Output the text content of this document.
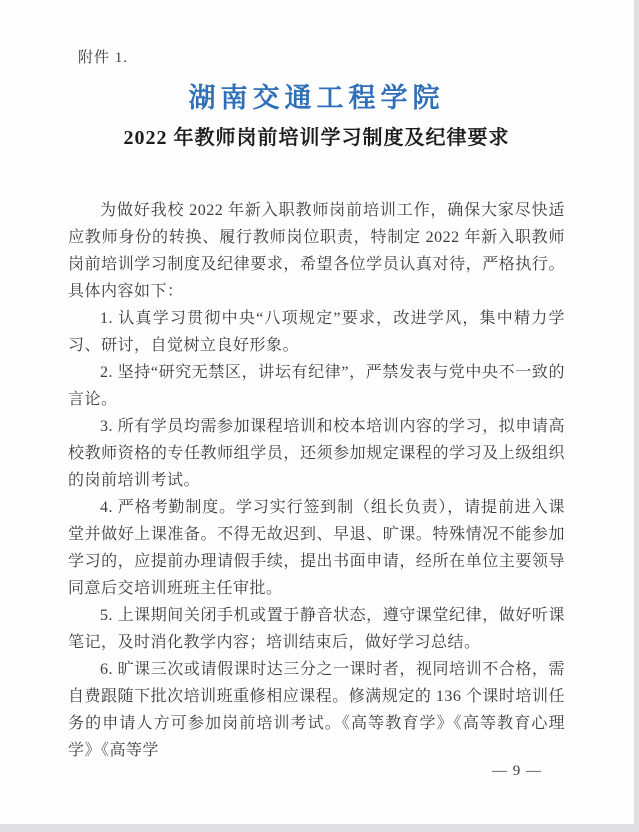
附件 1.
湖南交通工程学院
2022 年教师岗前培训学习制度及纪律要求

为做好我校 2022 年新入职教师岗前培训工作，确保大家尽快适应教师身份的转换、履行教师岗位职责，特制定 2022 年新入职教师岗前培训学习制度及纪律要求，希望各位学员认真对待，严格执行。具体内容如下：

1. 认真学习贯彻中央“八项规定”要求，改进学风，集中精力学习、研讨，自觉树立良好形象。

2. 坚持“研究无禁区，讲坛有纪律”，严禁发表与党中央不一致的言论。

3. 所有学员均需参加课程培训和校本培训内容的学习，拟申请高校教师资格的专任教师组学员，还须参加规定课程的学习及上级组织的岗前培训考试。

4. 严格考勤制度。学习实行签到制（组长负责），请提前进入课堂并做好上课准备。不得无故迟到、早退、旷课。特殊情况不能参加学习的，应提前办理请假手续，提出书面申请，经所在单位主要领导同意后交培训班班主任审批。

5. 上课期间关闭手机或置于静音状态，遵守课堂纪律，做好听课笔记，及时消化教学内容；培训结束后，做好学习总结。

6. 旷课三次或请假课时达三分之一课时者，视同培训不合格，需自费跟随下批次培训班重修相应课程。修满规定的 136 个课时培训任务的申请人方可参加岗前培训考试。《高等教育学》《高等教育心理学》《高等学

— 9 —
